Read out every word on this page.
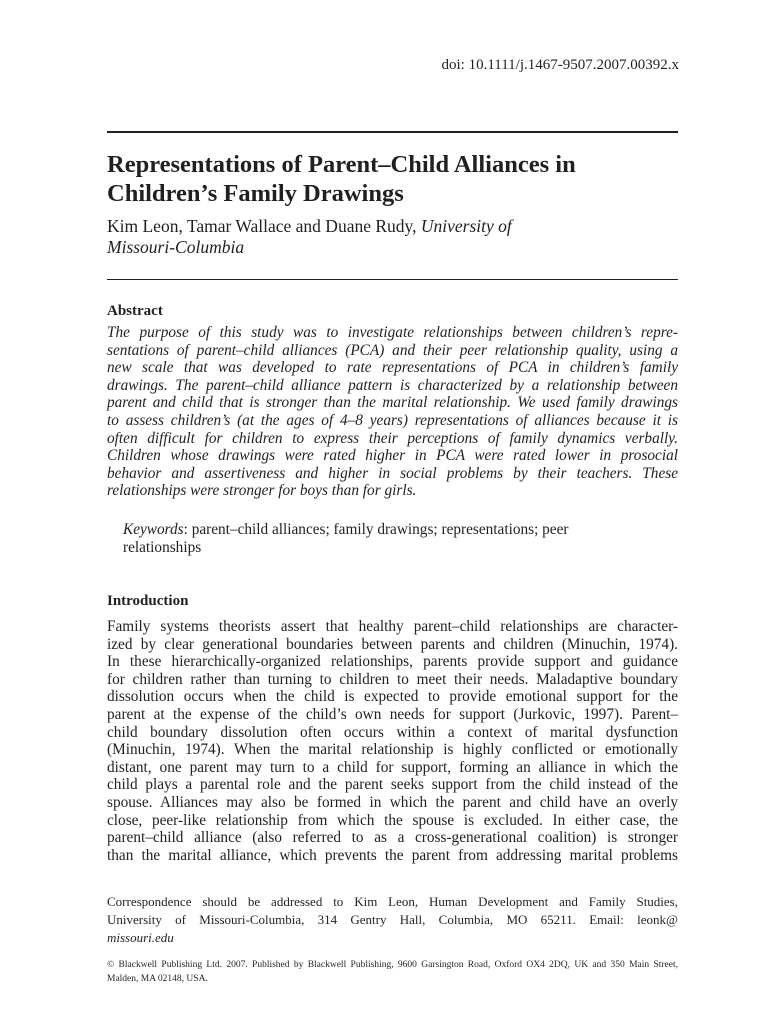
doi: 10.1111/j.1467-9507.2007.00392.x
Representations of Parent–Child Alliances in
Children’s Family Drawings
Kim Leon, Tamar Wallace and Duane Rudy, University of
Missouri-Columbia
Abstract
The purpose of this study was to investigate relationships between children’s repre-
sentations of parent–child alliances (PCA) and their peer relationship quality, using a
new scale that was developed to rate representations of PCA in children’s family
drawings. The parent–child alliance pattern is characterized by a relationship between
parent and child that is stronger than the marital relationship. We used family drawings
to assess children’s (at the ages of 4–8 years) representations of alliances because it is
often difficult for children to express their perceptions of family dynamics verbally.
Children whose drawings were rated higher in PCA were rated lower in prosocial
behavior and assertiveness and higher in social problems by their teachers. These
relationships were stronger for boys than for girls.
Keywords: parent–child alliances; family drawings; representations; peer
relationships
Introduction
Family systems theorists assert that healthy parent–child relationships are character-
ized by clear generational boundaries between parents and children (Minuchin, 1974).
In these hierarchically-organized relationships, parents provide support and guidance
for children rather than turning to children to meet their needs. Maladaptive boundary
dissolution occurs when the child is expected to provide emotional support for the
parent at the expense of the child’s own needs for support (Jurkovic, 1997). Parent–
child boundary dissolution often occurs within a context of marital dysfunction
(Minuchin, 1974). When the marital relationship is highly conflicted or emotionally
distant, one parent may turn to a child for support, forming an alliance in which the
child plays a parental role and the parent seeks support from the child instead of the
spouse. Alliances may also be formed in which the parent and child have an overly
close, peer-like relationship from which the spouse is excluded. In either case, the
parent–child alliance (also referred to as a cross-generational coalition) is stronger
than the marital alliance, which prevents the parent from addressing marital problems
Correspondence should be addressed to Kim Leon, Human Development and Family Studies,
University of Missouri-Columbia, 314 Gentry Hall, Columbia, MO 65211. Email: leonk@
missouri.edu
© Blackwell Publishing Ltd. 2007. Published by Blackwell Publishing, 9600 Garsington Road, Oxford OX4 2DQ, UK and 350 Main Street,
Malden, MA 02148, USA.
